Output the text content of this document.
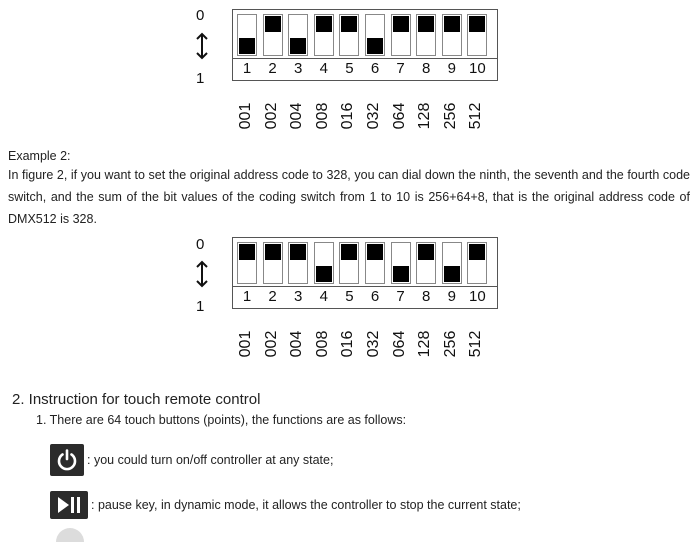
0
1
1	2	3	4	5	6	7	8	9 10
001 002 004 008 016 032 064 128 256 512
Example 2:
In figure 2, if you want to set the original address code to 328, you can dial down the ninth, the seventh and the fourth code switch, and the sum of the bit values of the coding switch from 1 to 10 is 256+64+8, that is the original address code of DMX512 is 328.
0
1
1	2	3	4	5	6	7	8	9 10
001 002 004 008 016 032 064 128 256 512
2. Instruction for touch remote control
1. There are 64 touch buttons (points), the functions are as follows:
: you could turn on/off controller at any state;
: pause key, in dynamic mode, it allows the controller to stop the current state;
